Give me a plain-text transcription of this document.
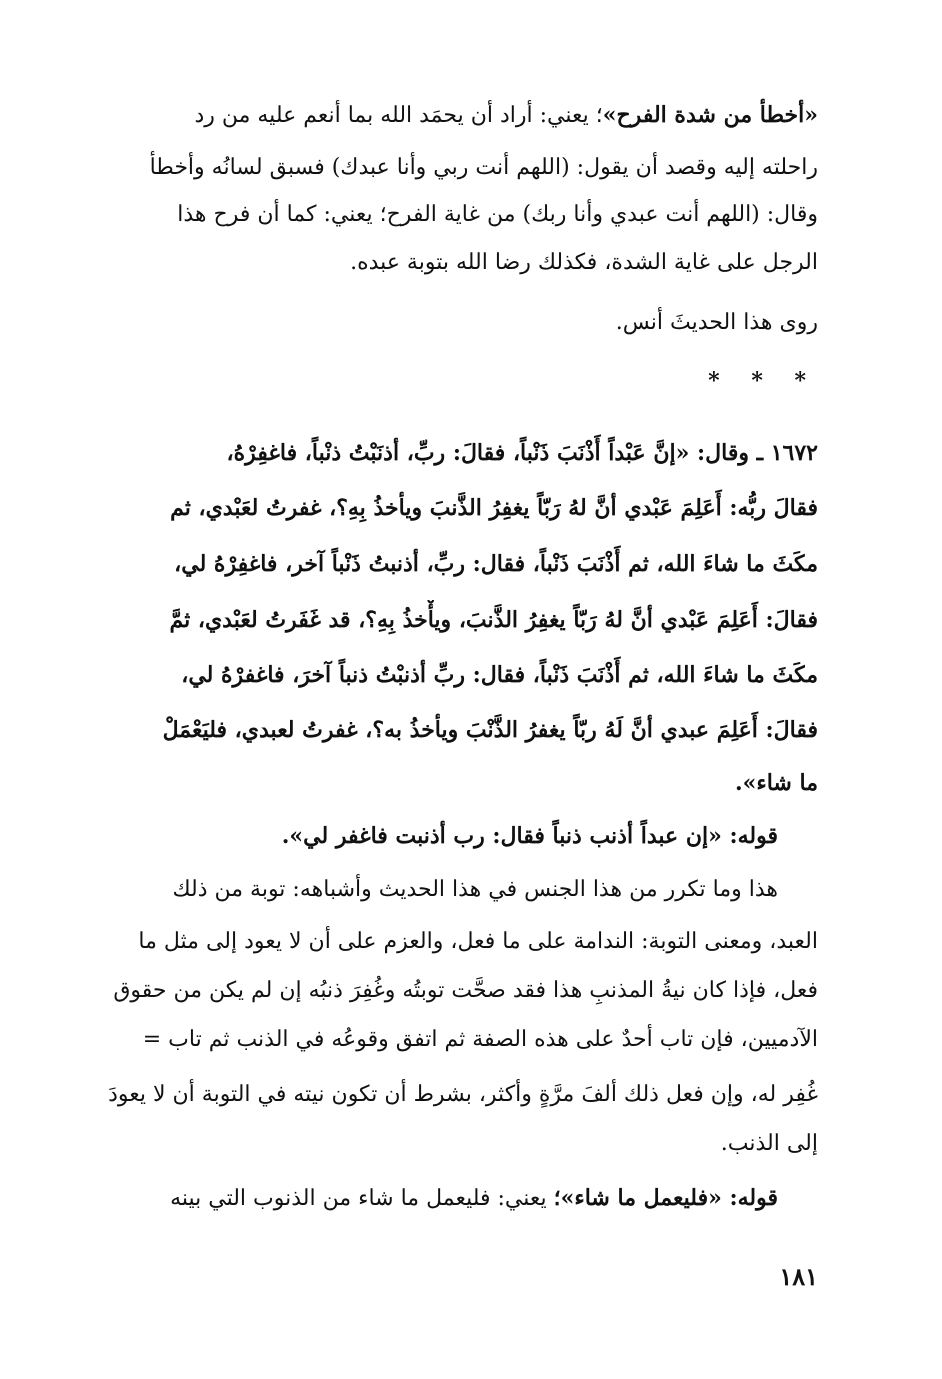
«أخطأ من شدة الفرح»؛ يعني: أراد أن يحمَد الله بما أنعم عليه من رد
راحلته إليه وقصد أن يقول: (اللهم أنت ربي وأنا عبدك) فسبق لسانُه وأخطأ
وقال: (اللهم أنت عبدي وأنا ربك) من غاية الفرح؛ يعني: كما أن فرح هذا
الرجل على غاية الشدة، فكذلك رضا الله بتوبة عبده.
روى هذا الحديثَ أنس.
* * *
١٦٧٢ ـ وقال: «إنَّ عَبْداً أَذْنَبَ ذَنْباً، فقالَ: ربِّ، أذنَبْتُ ذنْباً، فاغفِرْهُ،
فقالَ ربُّه: أَعَلِمَ عَبْدي أنَّ لهُ رَبّاً يغفِرُ الذَّنبَ ويأخذُ بِهِ؟، غفرتُ لعَبْدي، ثم
مكَثَ ما شاءَ الله، ثم أَذْنَبَ ذَنْباً، فقال: ربِّ، أذنبتُ ذَنْباً آخر، فاغفِرْهُ لي،
فقالَ: أَعَلِمَ عَبْدي أنَّ لهُ رَبّاً يغفِرُ الذَّنبَ، ويأْخذُ بِهِ؟، قد غَفَرتُ لعَبْدي، ثمَّ
مكَثَ ما شاءَ الله، ثم أَذْنَبَ ذَنْباً، فقال: ربِّ أذنبْتُ ذنباً آخرَ، فاغفرْهُ لي،
فقالَ: أَعَلِمَ عبدي أنَّ لَهُ ربّاً يغفرُ الذَّنْبَ ويأخذُ به؟، غفرتُ لعبدي، فليَعْمَلْ
ما شاء».
قوله: «إن عبداً أذنب ذنباً فقال: رب أذنبت فاغفر لي».
هذا وما تكرر من هذا الجنس في هذا الحديث وأشباهه: توبة من ذلك
العبد، ومعنى التوبة: الندامة على ما فعل، والعزم على أن لا يعود إلى مثل ما
فعل، فإذا كان نيةُ المذنبِ هذا فقد صحَّت توبتُه وغُفِرَ ذنبُه إن لم يكن من حقوق
الآدميين، فإن تاب أحدٌ على هذه الصفة ثم اتفق وقوعُه في الذنب ثم تاب =
غُفِر له، وإن فعل ذلك ألفَ مرَّةٍ وأكثر، بشرط أن تكون نيته في التوبة أن لا يعودَ
إلى الذنب.
قوله: «فليعمل ما شاء»؛ يعني: فليعمل ما شاء من الذنوب التي بينه
١٨١
